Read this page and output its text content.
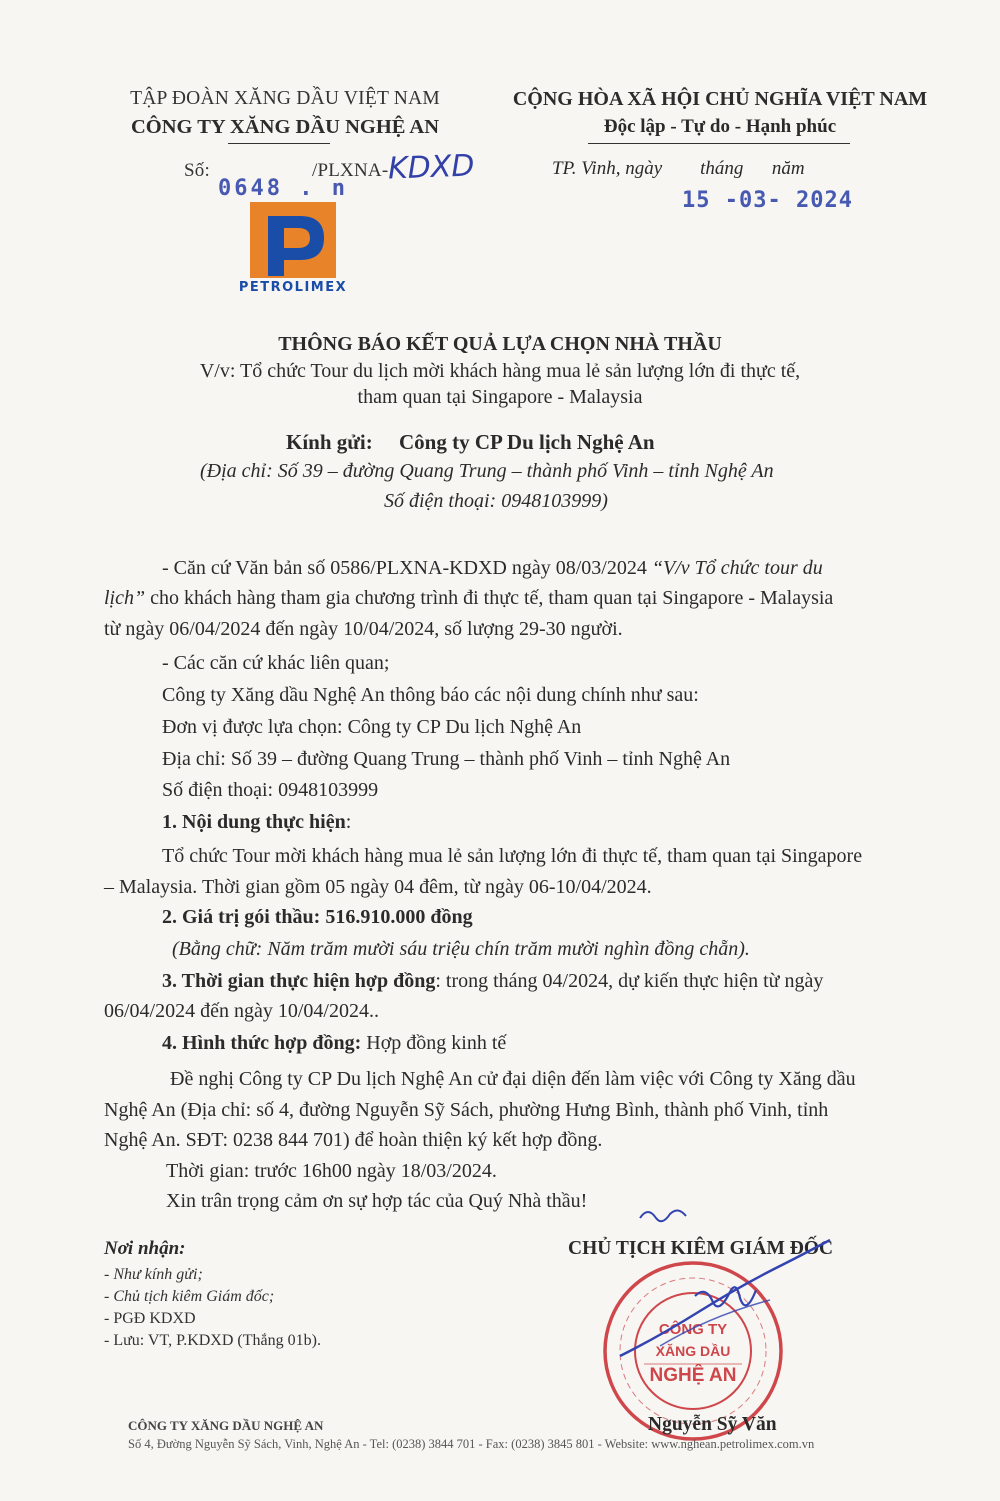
TẬP ĐOÀN XĂNG DẦU VIỆT NAM
CÔNG TY XĂNG DẦU NGHỆ AN
Số:	/PLXNA- KDXD
0648 . n
PETROLIMEX
CỘNG HÒA XÃ HỘI CHỦ NGHĨA VIỆT NAM
Độc lập - Tự do - Hạnh phúc
TP. Vinh, ngày        tháng      năm
15 -03- 2024
THÔNG BÁO KẾT QUẢ LỰA CHỌN NHÀ THẦU
V/v: Tổ chức Tour du lịch mời khách hàng mua lẻ sản lượng lớn đi thực tế,
tham quan tại Singapore - Malaysia
Kính gửi: Công ty CP Du lịch Nghệ An
(Địa chỉ: Số 39 – đường Quang Trung – thành phố Vinh – tỉnh Nghệ An
Số điện thoại: 0948103999)
- Căn cứ Văn bản số 0586/PLXNA-KDXD ngày 08/03/2024 “V/v Tổ chức tour du
lịch” cho khách hàng tham gia chương trình đi thực tế, tham quan tại Singapore - Malaysia
từ ngày 06/04/2024 đến ngày 10/04/2024, số lượng 29-30 người.
- Các căn cứ khác liên quan;
Công ty Xăng dầu Nghệ An thông báo các nội dung chính như sau:
Đơn vị được lựa chọn: Công ty CP Du lịch Nghệ An
Địa chỉ: Số 39 – đường Quang Trung – thành phố Vinh – tỉnh Nghệ An
Số điện thoại: 0948103999
1. Nội dung thực hiện:
Tổ chức Tour mời khách hàng mua lẻ sản lượng lớn đi thực tế, tham quan tại Singapore
– Malaysia. Thời gian gồm 05 ngày 04 đêm, từ ngày 06-10/04/2024.
2. Giá trị gói thầu: 516.910.000 đồng
(Bằng chữ: Năm trăm mười sáu triệu chín trăm mười nghìn đồng chẵn).
3. Thời gian thực hiện hợp đồng: trong tháng 04/2024, dự kiến thực hiện từ ngày
06/04/2024 đến ngày 10/04/2024..
4. Hình thức hợp đồng: Hợp đồng kinh tế
Đề nghị Công ty CP Du lịch Nghệ An cử đại diện đến làm việc với Công ty Xăng dầu
Nghệ An (Địa chỉ: số 4, đường Nguyễn Sỹ Sách, phường Hưng Bình, thành phố Vinh, tỉnh
Nghệ An. SĐT: 0238 844 701) để hoàn thiện ký kết hợp đồng.
Thời gian: trước 16h00 ngày 18/03/2024.
Xin trân trọng cảm ơn sự hợp tác của Quý Nhà thầu!
Nơi nhận:
- Như kính gửi;
- Chủ tịch kiêm Giám đốc;
- PGĐ KDXD
- Lưu: VT, P.KDXD (Thắng 01b).
CHỦ TỊCH KIÊM GIÁM ĐỐC
CÔNG TY
XĂNG DẦU
NGHỆ AN
Nguyễn Sỹ Văn
CÔNG TY XĂNG DẦU NGHỆ AN
Số 4, Đường Nguyễn Sỹ Sách, Vinh, Nghệ An - Tel: (0238) 3844 701 - Fax: (0238) 3845 801 - Website: www.nghean.petrolimex.com.vn
